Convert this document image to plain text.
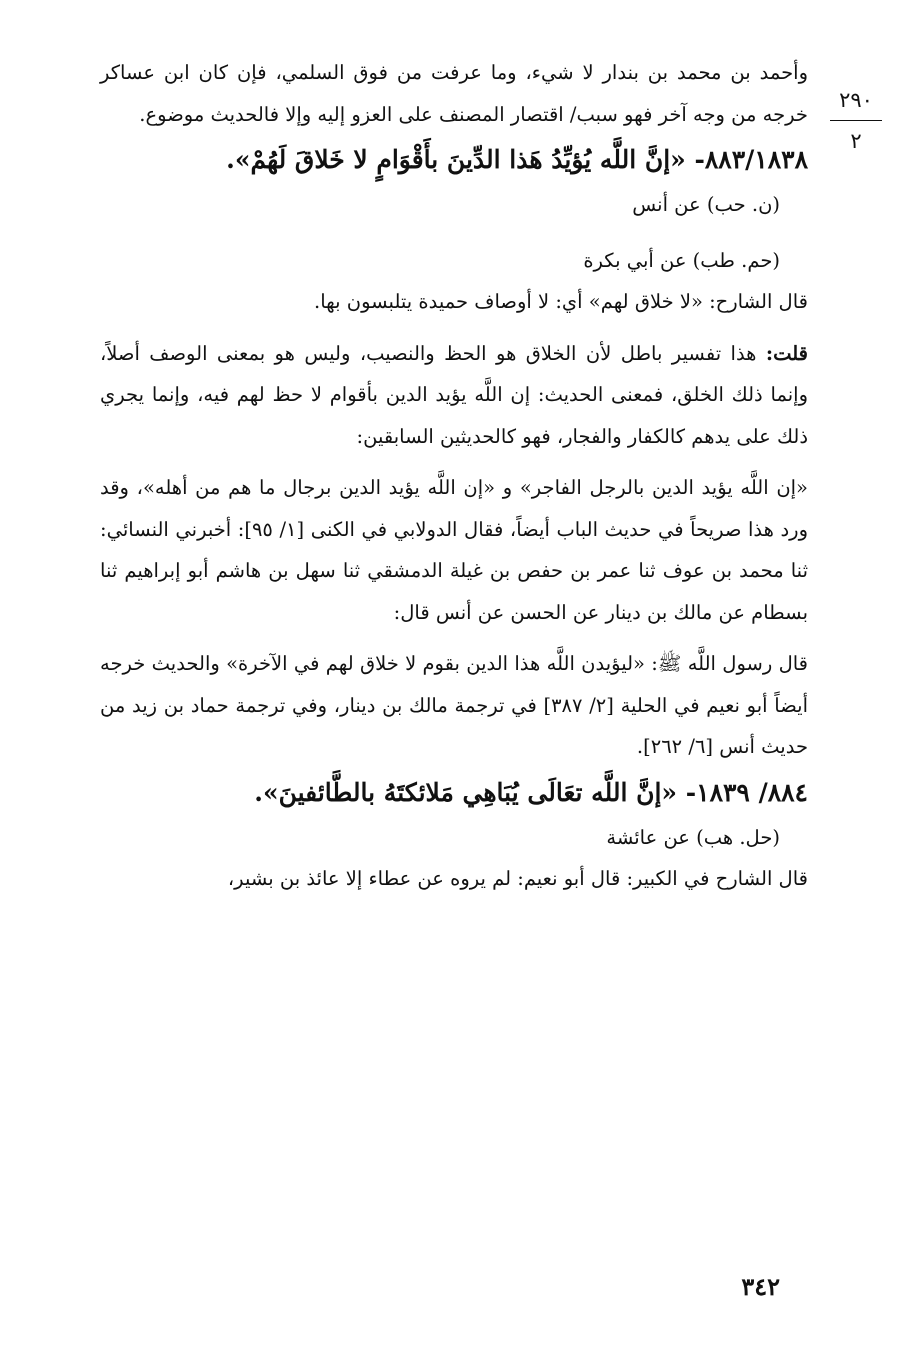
٢٩٠
٢

وأحمد بن محمد بن بندار لا شيء، وما عرفت من فوق السلمي، فإن كان ابن عساكر خرجه من وجه آخر فهو سبب/ اقتصار المصنف على العزو إليه وإلا فالحديث موضوع.

٨٨٣/١٨٣٨- «إنَّ اللَّه يُؤيِّدُ هَذا الدِّينَ بأَقْوَامٍ لا خَلاقَ لَهُمْ».

(ن. حب) عن أنس

(حم. طب) عن أبي بكرة

قال الشارح: «لا خلاق لهم» أي: لا أوصاف حميدة يتلبسون بها.

قلت: هذا تفسير باطل لأن الخلاق هو الحظ والنصيب، وليس هو بمعنى الوصف أصلاً، وإنما ذلك الخلق، فمعنى الحديث: إن اللَّه يؤيد الدين بأقوام لا حظ لهم فيه، وإنما يجري ذلك على يدهم كالكفار والفجار، فهو كالحديثين السابقين:

«إن اللَّه يؤيد الدين بالرجل الفاجر» و «إن اللَّه يؤيد الدين برجال ما هم من أهله»، وقد ورد هذا صريحاً في حديث الباب أيضاً، فقال الدولابي في الكنى [١/ ٩٥]: أخبرني النسائي: ثنا محمد بن عوف ثنا عمر بن حفص بن غيلة الدمشقي ثنا سهل بن هاشم أبو إبراهيم ثنا بسطام عن مالك بن دينار عن الحسن عن أنس قال:

قال رسول اللَّه ﷺ: «ليؤيدن اللَّه هذا الدين بقوم لا خلاق لهم في الآخرة» والحديث خرجه أيضاً أبو نعيم في الحلية [٢/ ٣٨٧] في ترجمة مالك بن دينار، وفي ترجمة حماد بن زيد من حديث أنس [٦/ ٢٦٢].

٨٨٤/ ١٨٣٩- «إنَّ اللَّه تعَالَى يُبَاهِي مَلائكتَهُ بالطَّائفينَ».

(حل. هب) عن عائشة

قال الشارح في الكبير: قال أبو نعيم: لم يروه عن عطاء إلا عائذ بن بشير،

٣٤٢
